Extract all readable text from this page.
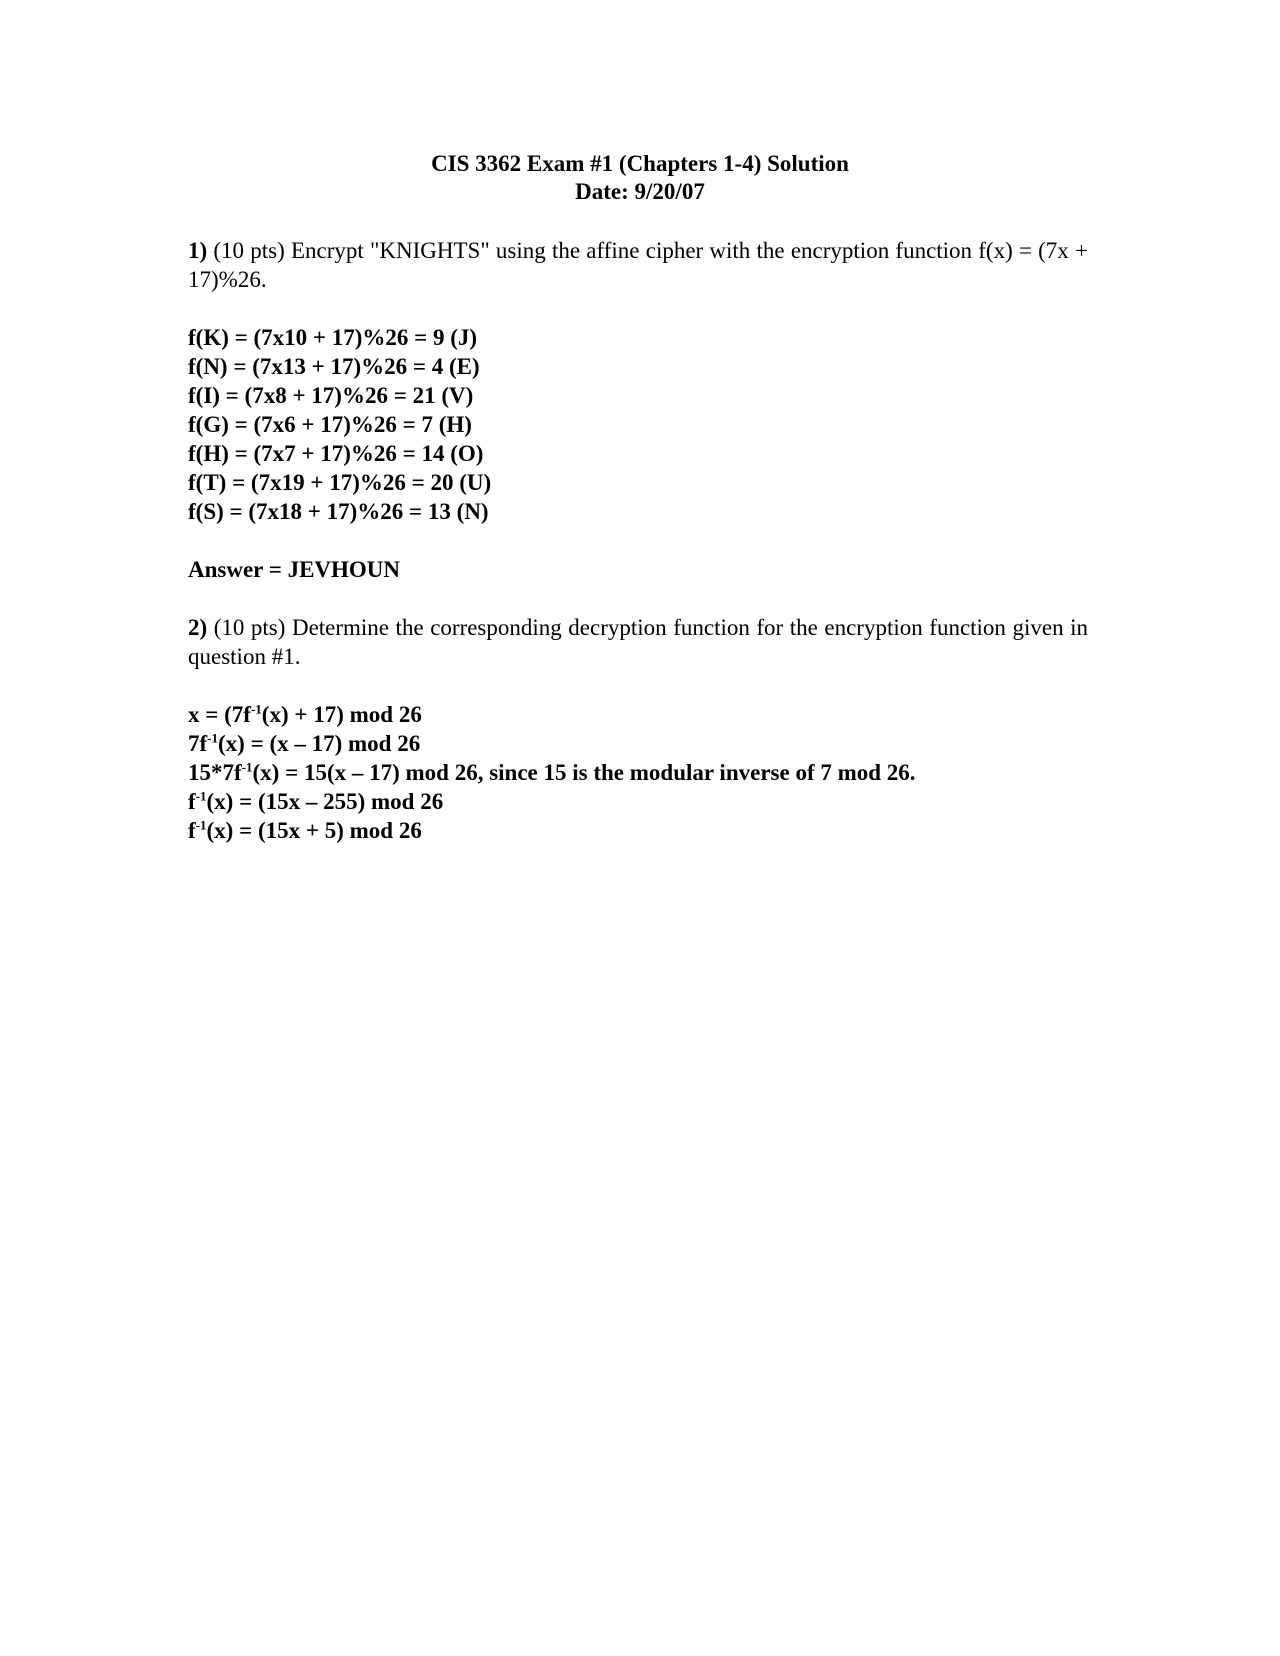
CIS 3362 Exam #1 (Chapters 1-4) Solution
Date: 9/20/07

1) (10 pts) Encrypt "KNIGHTS" using the affine cipher with the encryption function f(x) = (7x + 17)%26.

f(K) = (7x10 + 17)%26 = 9 (J)
f(N) = (7x13 + 17)%26 = 4 (E)
f(I) = (7x8 + 17)%26 = 21 (V)
f(G) = (7x6 + 17)%26 = 7 (H)
f(H) = (7x7 + 17)%26 = 14 (O)
f(T) = (7x19 + 17)%26 = 20 (U)
f(S) = (7x18 + 17)%26 = 13 (N)
Answer = JEVHOUN

2) (10 pts) Determine the corresponding decryption function for the encryption function given in question #1.

$x = (7f^{-1}(x) + 17)$ mod 26
$7f^{-1}(x) = (x - 17)$ mod 26
$15*7f^{-1}(x) = 15(x - 17)$ mod 26, since 15 is the modular inverse of 7 mod 26.
$f^{-1}(x) = (15x - 255)$ mod 26
$f^{-1}(x) = (15x + 5)$ mod 26
